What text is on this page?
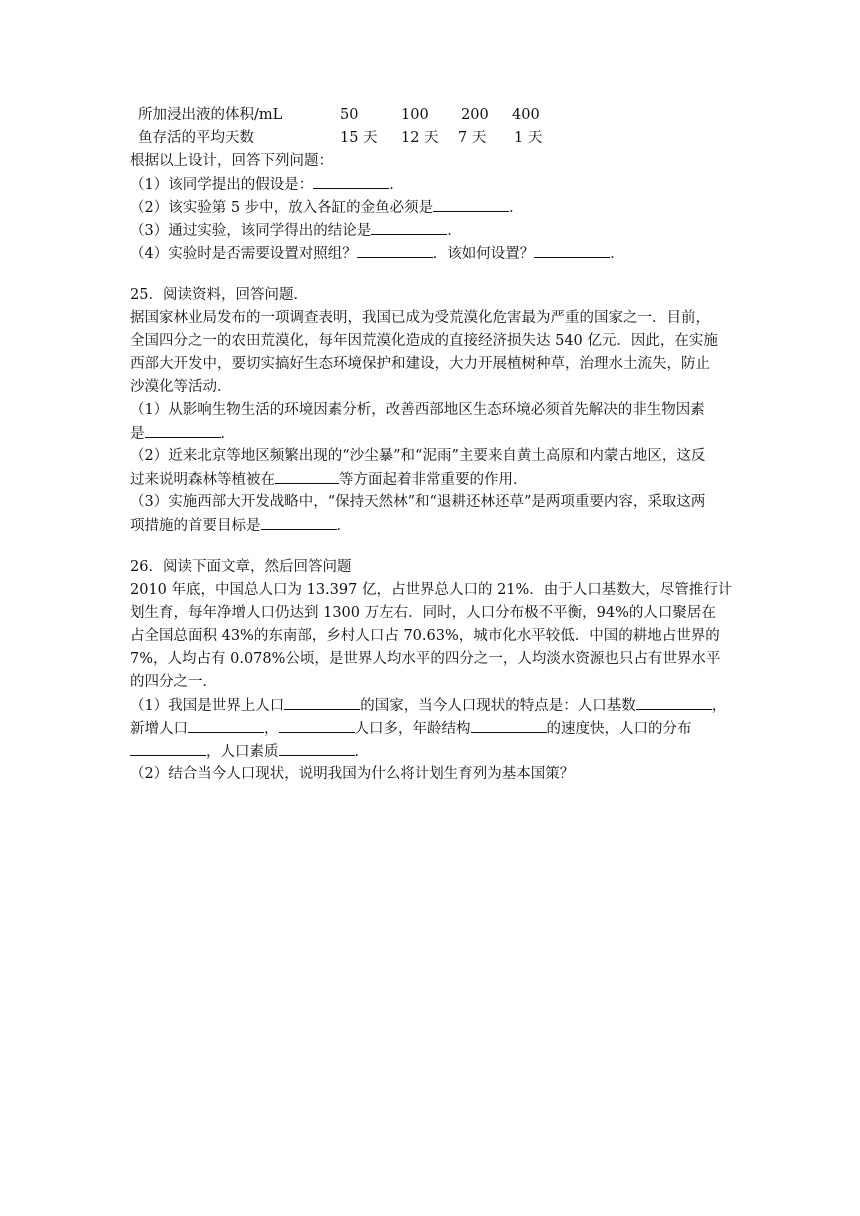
所加浸出液的体积/mL	50	100 200 400
鱼存活的平均天数	15 天 12 天 7 天 1 天
根据以上设计，回答下列问题：
（1）该同学提出的假设是：	．
（2）该实验第 5 步中，放入各缸的金鱼必须是	．
（3）通过实验，该同学得出的结论是	．
（4）实验时是否需要设置对照组？	．该如何设置？	．
25．阅读资料，回答问题．
据国家林业局发布的一项调查表明，我国已成为受荒漠化危害最为严重的国家之一．目前，
全国四分之一的农田荒漠化，每年因荒漠化造成的直接经济损失达 540 亿元．因此，在实施
西部大开发中，要切实搞好生态环境保护和建设，大力开展植树种草，治理水土流失，防止
沙漠化等活动．
（1）从影响生物生活的环境因素分析，改善西部地区生态环境必须首先解决的非生物因素
是	．
（2）近来北京等地区频繁出现的“沙尘暴”和“泥雨”主要来自黄土高原和内蒙古地区，这反
过来说明森林等植被在	等方面起着非常重要的作用．
（3）实施西部大开发战略中，“保持天然林”和“退耕还林还草”是两项重要内容，采取这两
项措施的首要目标是	．
26．阅读下面文章，然后回答问题
2010 年底，中国总人口为 13.397 亿，占世界总人口的 21%．由于人口基数大，尽管推行计
划生育，每年净增人口仍达到 1300 万左右．同时，人口分布极不平衡，94%的人口聚居在
占全国总面积 43%的东南部，乡村人口占 70.63%，城市化水平较低．中国的耕地占世界的
7%，人均占有 0.078%公顷，是世界人均水平的四分之一，人均淡水资源也只占有世界水平
的四分之一．
（1）我国是世界上人口	的国家，当今人口现状的特点是：人口基数	，
新增人口	，	人口多，年龄结构	的速度快，人口的分布
，人口素质	．
（2）结合当今人口现状，说明我国为什么将计划生育列为基本国策？
